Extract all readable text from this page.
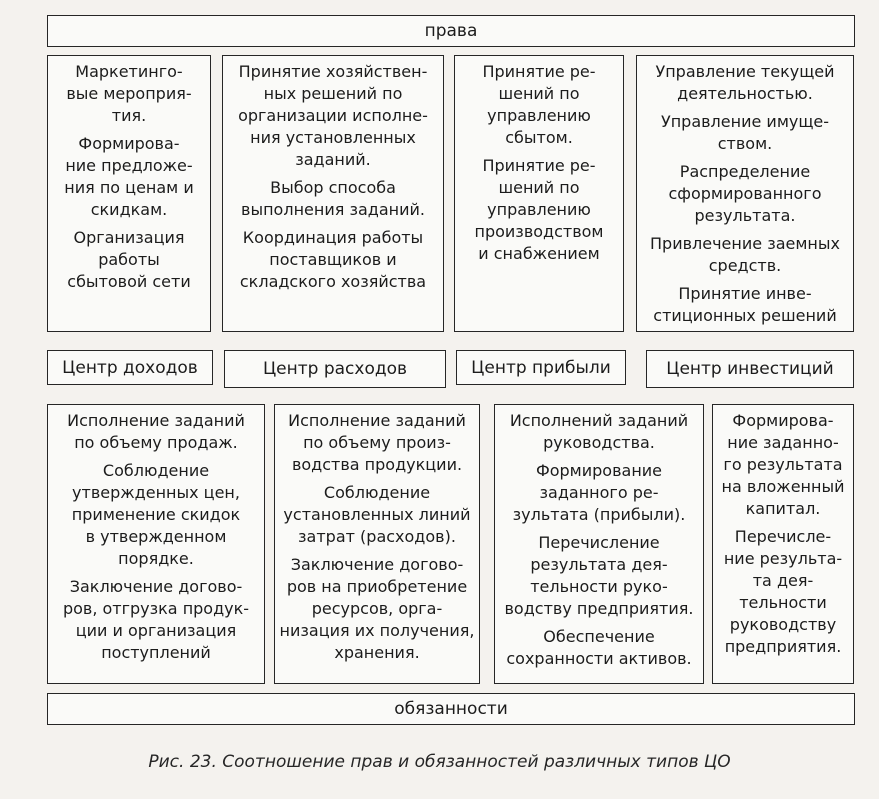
права
Маркетинго-
вые мероприя-
тия.
Формирова-
ние предложе-
ния по ценам и
скидкам.
Организация
работы
сбытовой сети
Принятие хозяйствен-
ных решений по
организации исполне-
ния установленных
заданий.
Выбор способа
выполнения заданий.
Координация работы
поставщиков и
складского хозяйства
Принятие ре-
шений по
управлению
сбытом.
Принятие ре-
шений по
управлению
производством
и снабжением
Управление текущей
деятельностью.
Управление имуще-
ством.
Распределение
сформированного
результата.
Привлечение заемных
средств.
Принятие инве-
стиционных решений
Центр доходов	Центр расходов	Центр прибыли	Центр инвестиций
Исполнение заданий
по объему продаж.
Соблюдение
утвержденных цен,
применение скидок
в утвержденном
порядке.
Заключение догово-
ров, отгрузка продук-
ции и организация
поступлений
Исполнение заданий
по объему произ-
водства продукции.
Соблюдение
установленных линий
затрат (расходов).
Заключение догово-
ров на приобретение
ресурсов, орга-
низация их получения,
хранения.
Исполнений заданий
руководства.
Формирование
заданного ре-
зультата (прибыли).
Перечисление
результата дея-
тельности руко-
водству предприятия.
Обеспечение
сохранности активов.
Формирова-
ние заданно-
го результата
на вложенный
капитал.
Перечисле-
ние результа-
та дея-
тельности
руководству
предприятия.
обязанности
Рис. 23. Соотношение прав и обязанностей различных типов ЦО
